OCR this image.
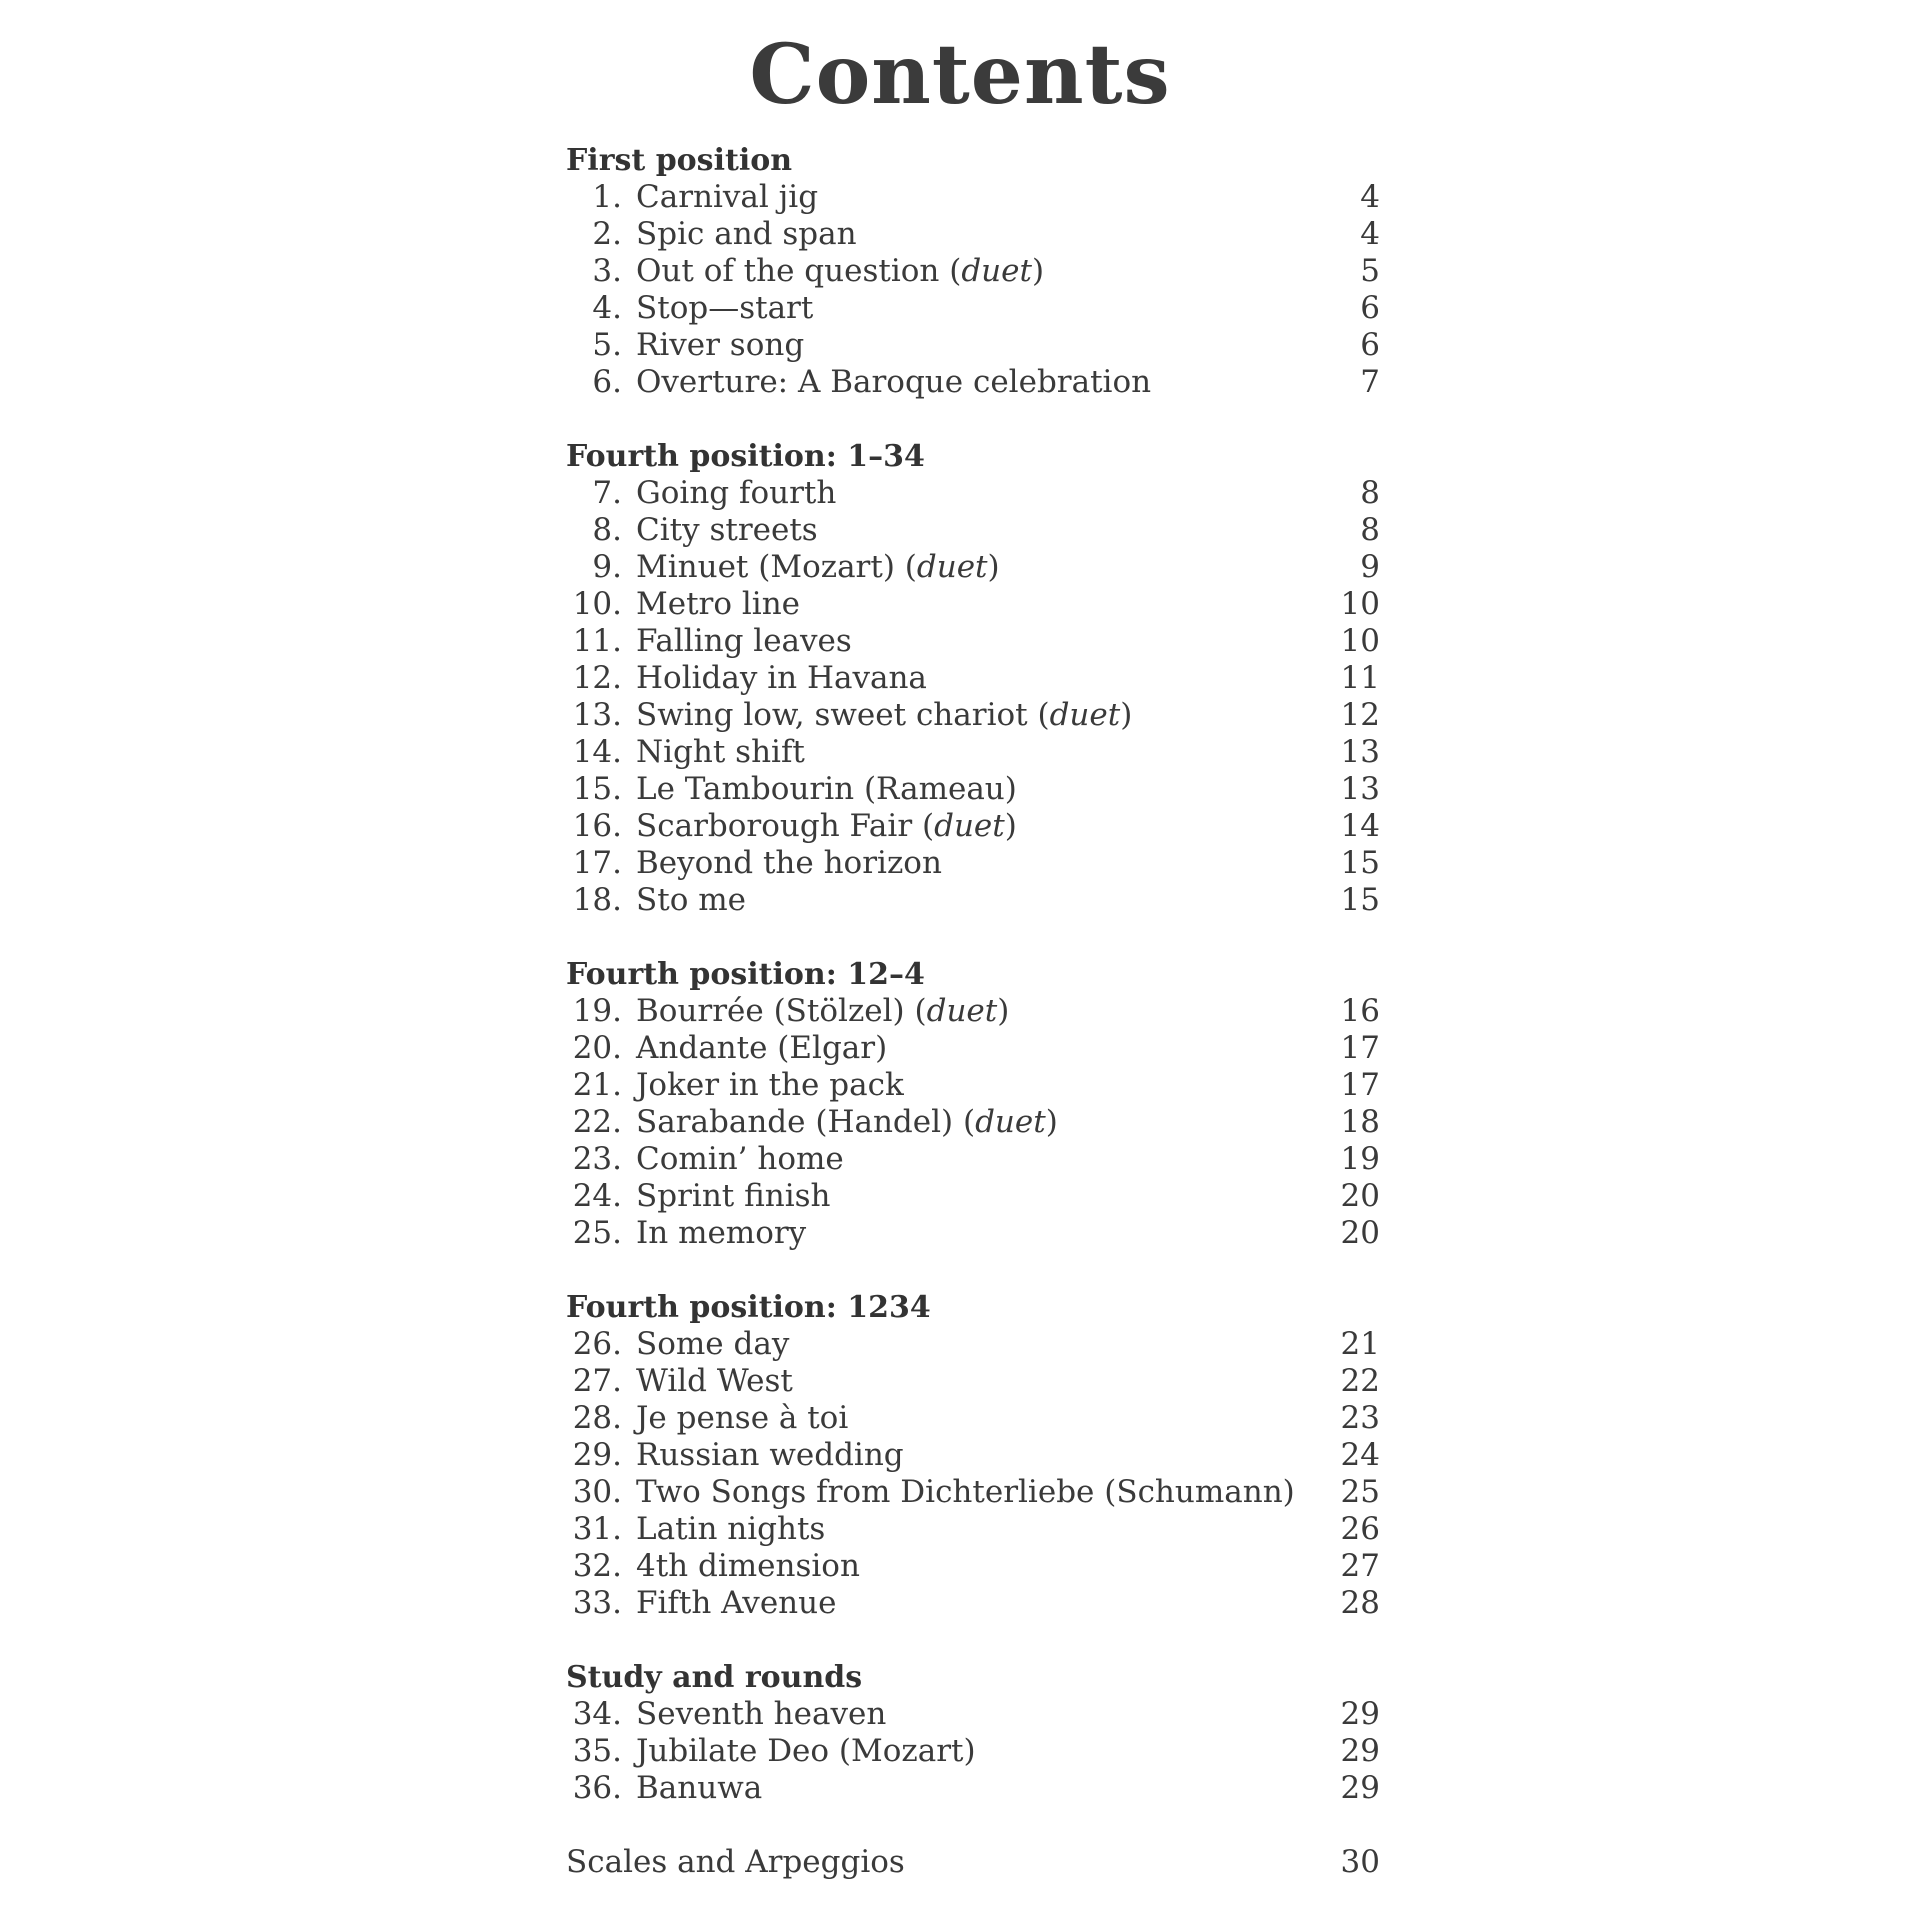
Contents
First position
1. Carnival jig	4
2. Spic and span	4
3. Out of the question (duet)	5
4. Stop—start	6
5. River song	6
6. Overture: A Baroque celebration	7
Fourth position: 1–34
7. Going fourth	8
8. City streets	8
9. Minuet (Mozart) (duet)	9
10. Metro line	10
11. Falling leaves	10
12. Holiday in Havana	11
13. Swing low, sweet chariot (duet)	12
14. Night shift	13
15. Le Tambourin (Rameau)	13
16. Scarborough Fair (duet)	14
17. Beyond the horizon	15
18. Sto me	15
Fourth position: 12–4
19. Bourrée (Stölzel) (duet)	16
20. Andante (Elgar)	17
21. Joker in the pack	17
22. Sarabande (Handel) (duet)	18
23. Comin’ home	19
24. Sprint finish	20
25. In memory	20
Fourth position: 1234
26. Some day	21
27. Wild West	22
28. Je pense à toi	23
29. Russian wedding	24
30. Two Songs from Dichterliebe (Schumann)	25
31. Latin nights	26
32. 4th dimension	27
33. Fifth Avenue	28
Study and rounds
34. Seventh heaven	29
35. Jubilate Deo (Mozart)	29
36. Banuwa	29
Scales and Arpeggios	30
